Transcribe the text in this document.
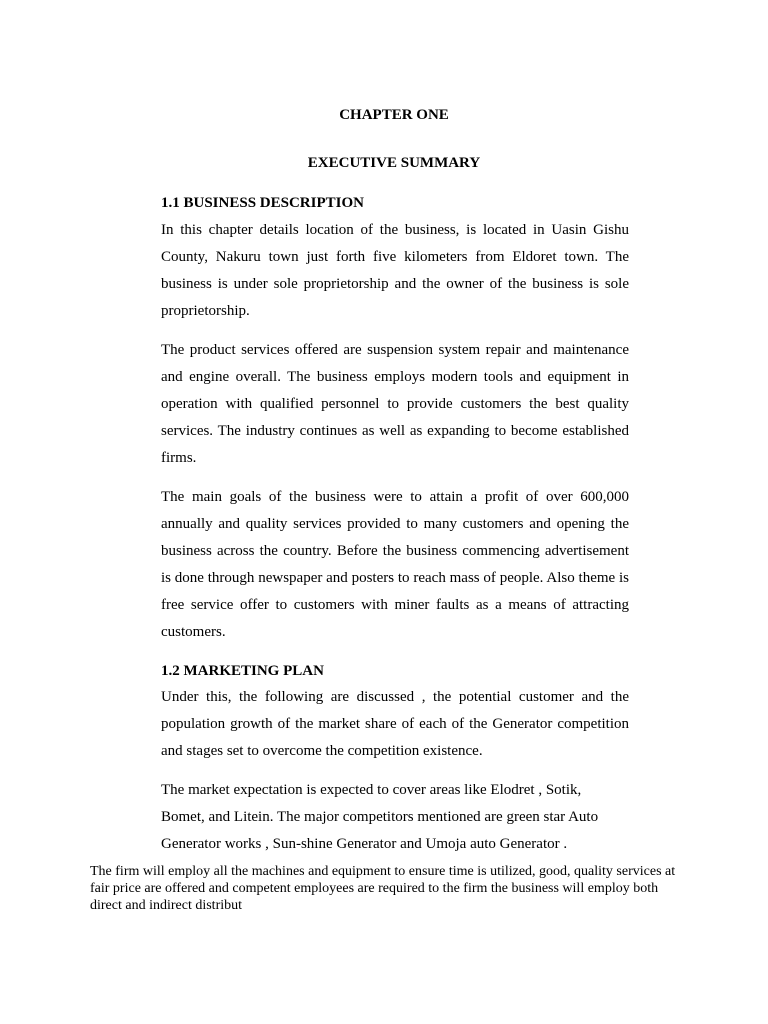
CHAPTER ONE
EXECUTIVE SUMMARY
1.1 BUSINESS DESCRIPTION

In this chapter details location of the business, is located in Uasin Gishu County, Nakuru town just forth five kilometers from Eldoret town. The business is under sole proprietorship and the owner of the business is sole proprietorship.

The product services offered are suspension system repair and maintenance and engine overall. The business employs modern tools and equipment in operation with qualified personnel to provide customers the best quality services. The industry continues as well as expanding to become established firms.

The main goals of the business were to attain a profit of over 600,000 annually and quality services provided to many customers and opening the business across the country. Before the business commencing advertisement is done through newspaper and posters to reach mass of people. Also theme is free service offer to customers with miner faults as a means of attracting customers.

1.2 MARKETING PLAN

Under this, the following are discussed , the potential customer and the population growth of the market share of each of the Generator competition and stages set to overcome the competition existence.

The market expectation is expected to cover areas like Elodret , Sotik, Bomet, and Litein. The major competitors mentioned are green star Auto Generator works , Sun-shine Generator and Umoja auto Generator .

The firm will employ all the machines and equipment to ensure time is utilized, good, quality services at fair price are offered and competent employees are required to the firm the business will employ both direct and indirect distribut
